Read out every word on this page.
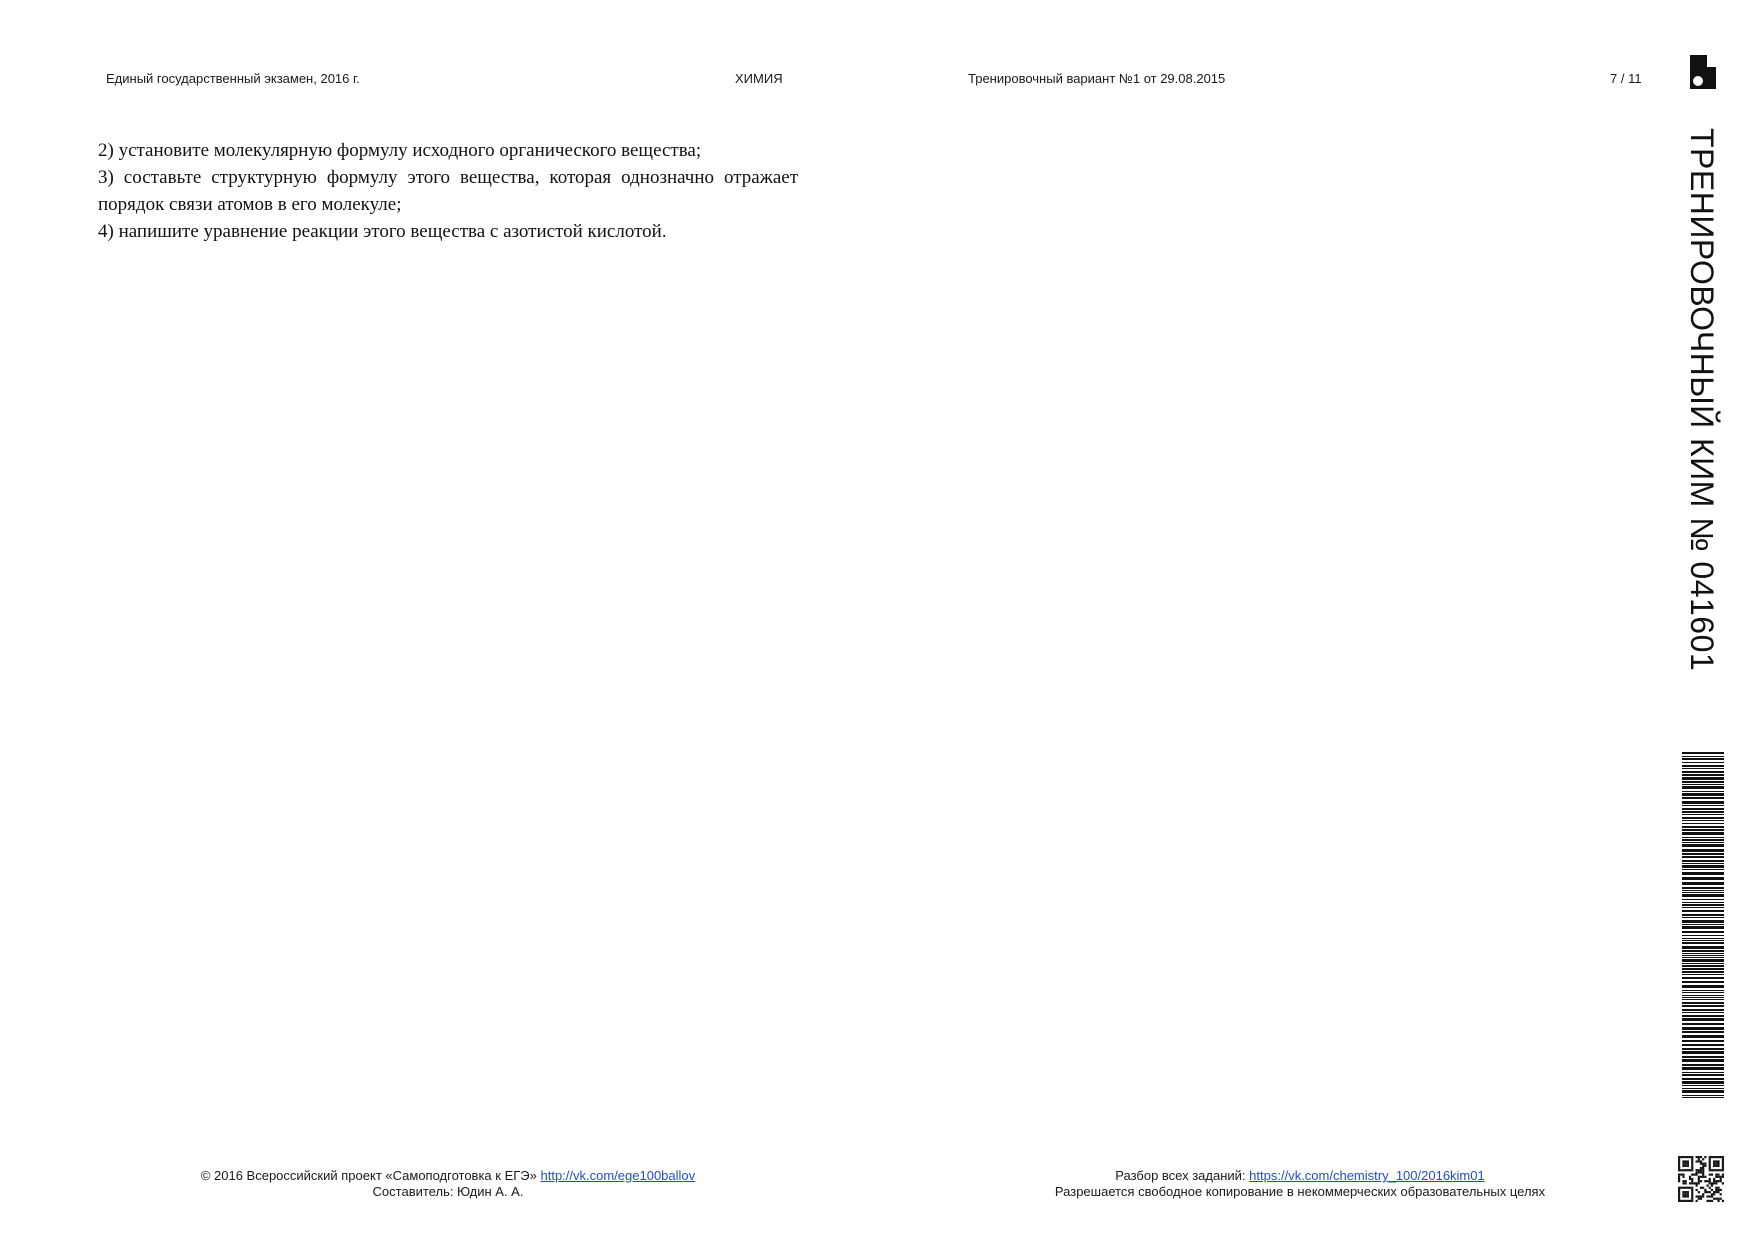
Единый государственный экзамен, 2016 г.	ХИМИЯ	Тренировочный вариант №1 от 29.08.2015	7 / 11
ТРЕНИРОВОЧНЫЙ КИМ № 041601

2) установите молекулярную формулу исходного органического вещества;

3) составьте структурную формулу этого вещества, которая однозначно отражает порядок связи атомов в его молекуле;

4) напишите уравнение реакции этого вещества с азотистой кислотой.

© 2016 Всероссийский проект «Самоподготовка к ЕГЭ» http://vk.com/ege100ballov
Составитель: Юдин А. А.
Разбор всех заданий: https://vk.com/chemistry_100/2016kim01
Разрешается свободное копирование в некоммерческих образовательных целях
